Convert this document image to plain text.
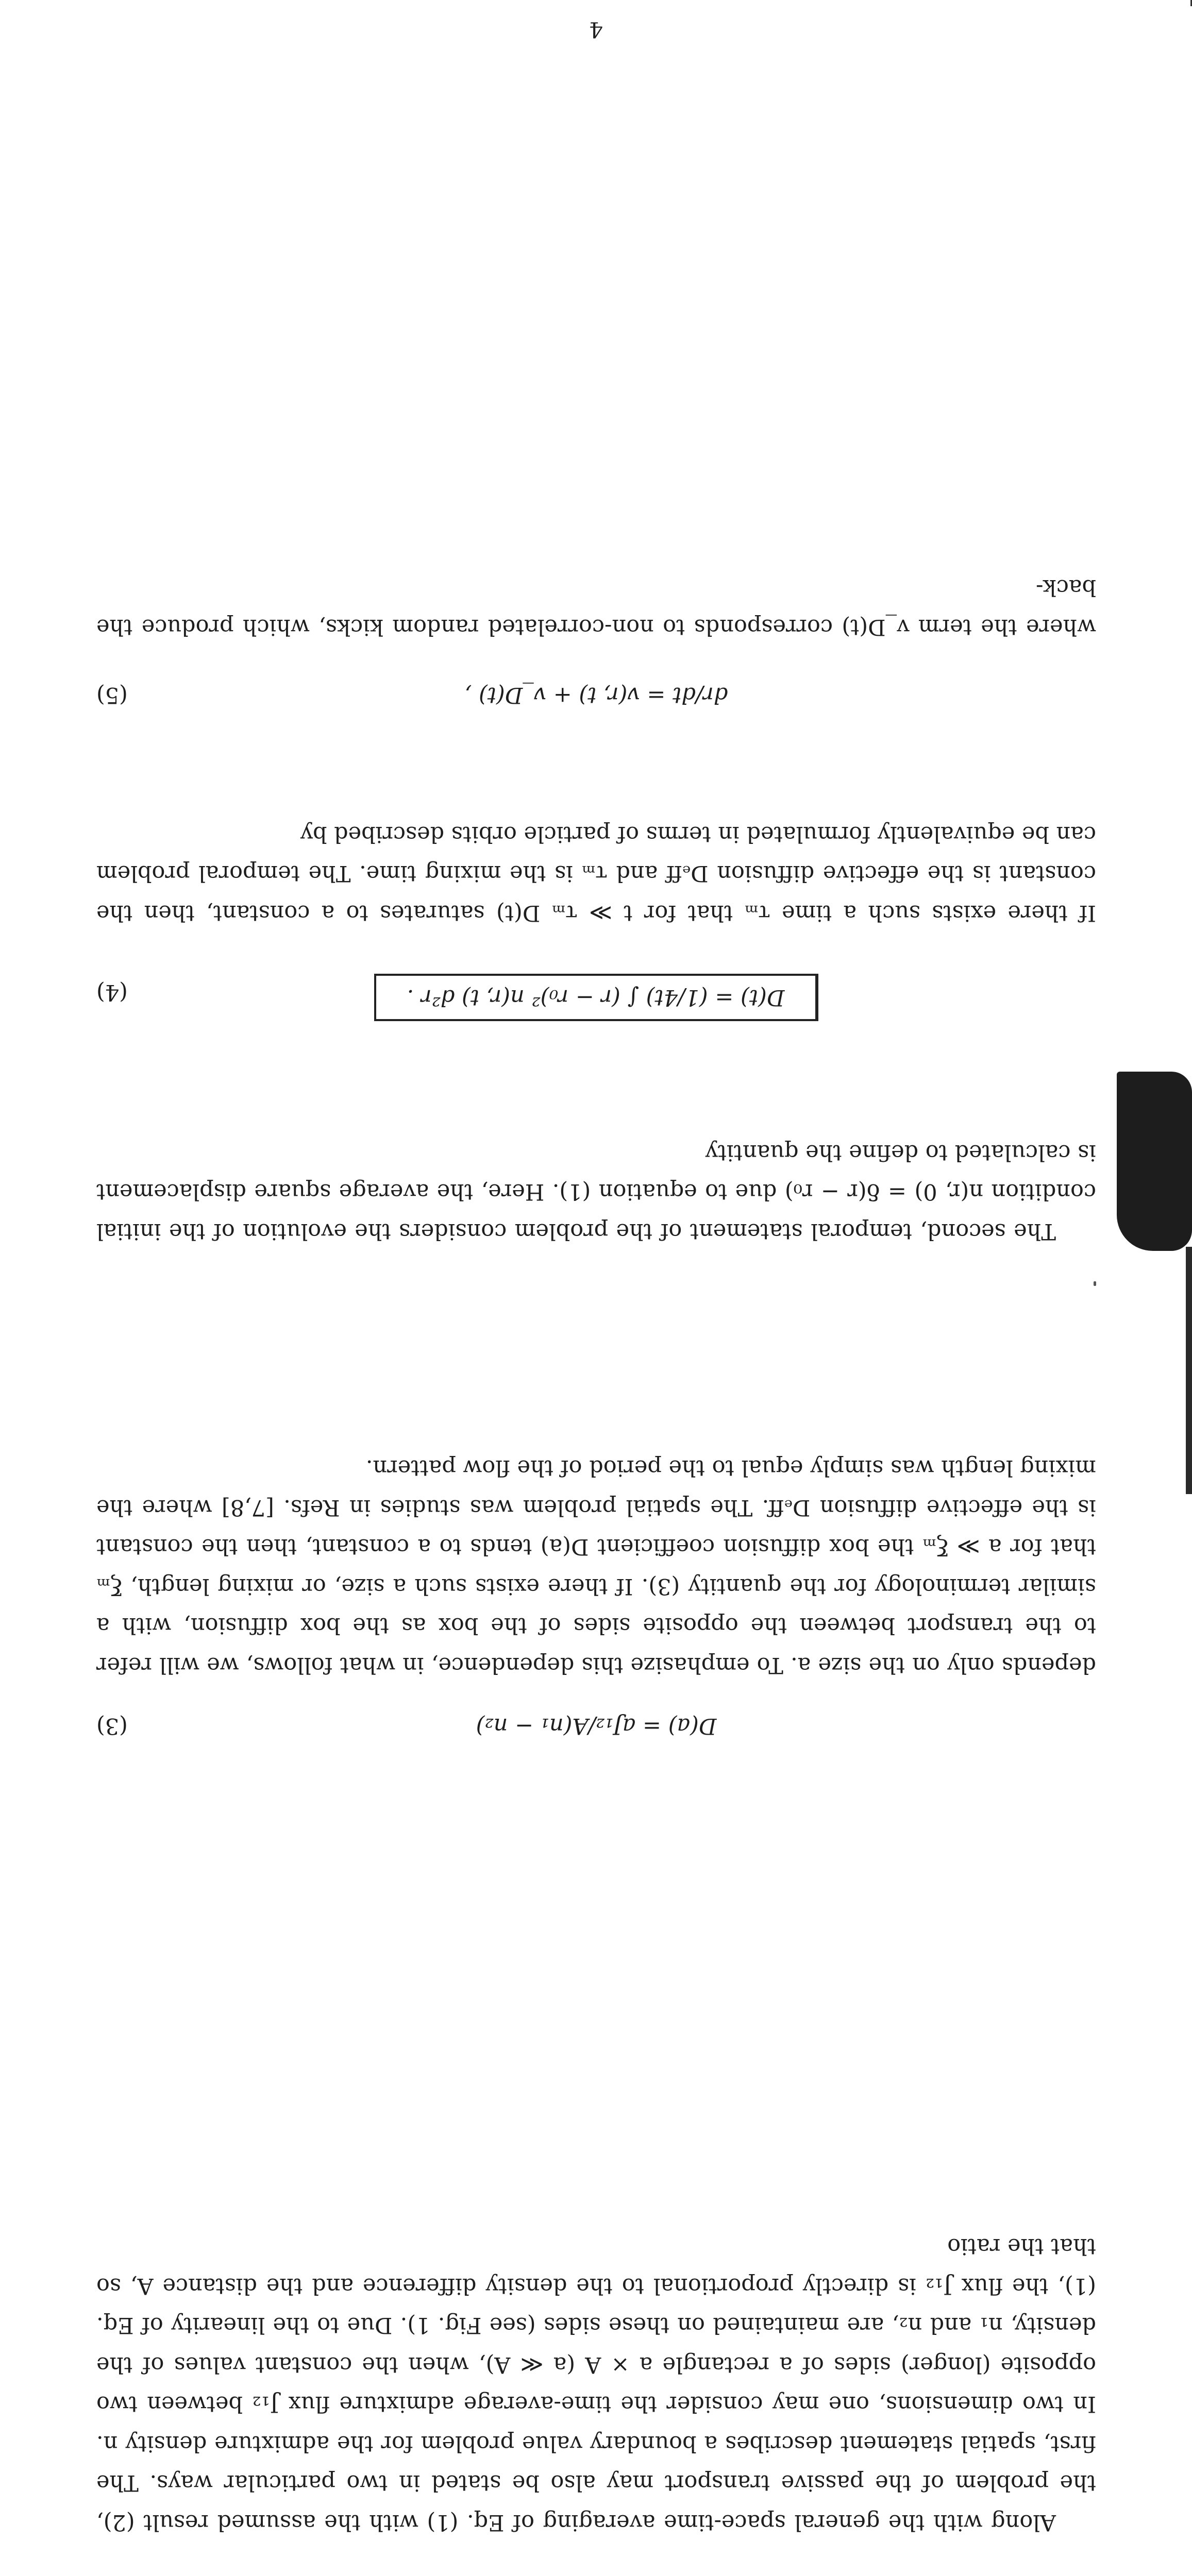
Along with the general space-time averaging of Eq. (1) with the assumed result (2), the problem of the passive transport may also be stated in two particular ways. The first, spatial statement describes a boundary value problem for the admixture density n. In two dimensions, one may consider the time-average admixture flux J₁₂ between two opposite (longer) sides of a rectangle a × A (a ≪ A), when the constant values of the density, n₁ and n₂, are maintained on these sides (see Fig. 1). Due to the linearity of Eq. (1), the flux J₁₂ is directly proportional to the density difference and the distance A, so that the ratio

D(a) = aJ₁₂/A(n₁ − n₂)
(3)

depends only on the size a. To emphasize this dependence, in what follows, we will refer to the transport between the opposite sides of the box as the box diffusion, with a similar terminology for the quantity (3). If there exists such a size, or mixing length, ξₘ that for a ≫ ξₘ the box diffusion coefficient D(a) tends to a constant, then the constant is the effective diffusion Dₑff. The spatial problem was studies in Refs. [7,8] where the mixing length was simply equal to the period of the flow pattern.

The second, temporal statement of the problem considers the evolution of the initial condition n(r, 0) = δ(r − r₀) due to equation (1). Here, the average square displacement is calculated to define the quantity

D(t) = (1/4t) ∫ (r − r₀)² n(r, t) d²r .
(4)

If there exists such a time τₘ that for t ≫ τₘ D(t) saturates to a constant, then the constant is the effective diffusion Dₑff and τₘ is the mixing time. The temporal problem can be equivalently formulated in terms of particle orbits described by

dr/dt = v(r, t) + v_D(t) ,
(5)

where the term v_D(t) corresponds to non-correlated random kicks, which produce the back-

4
